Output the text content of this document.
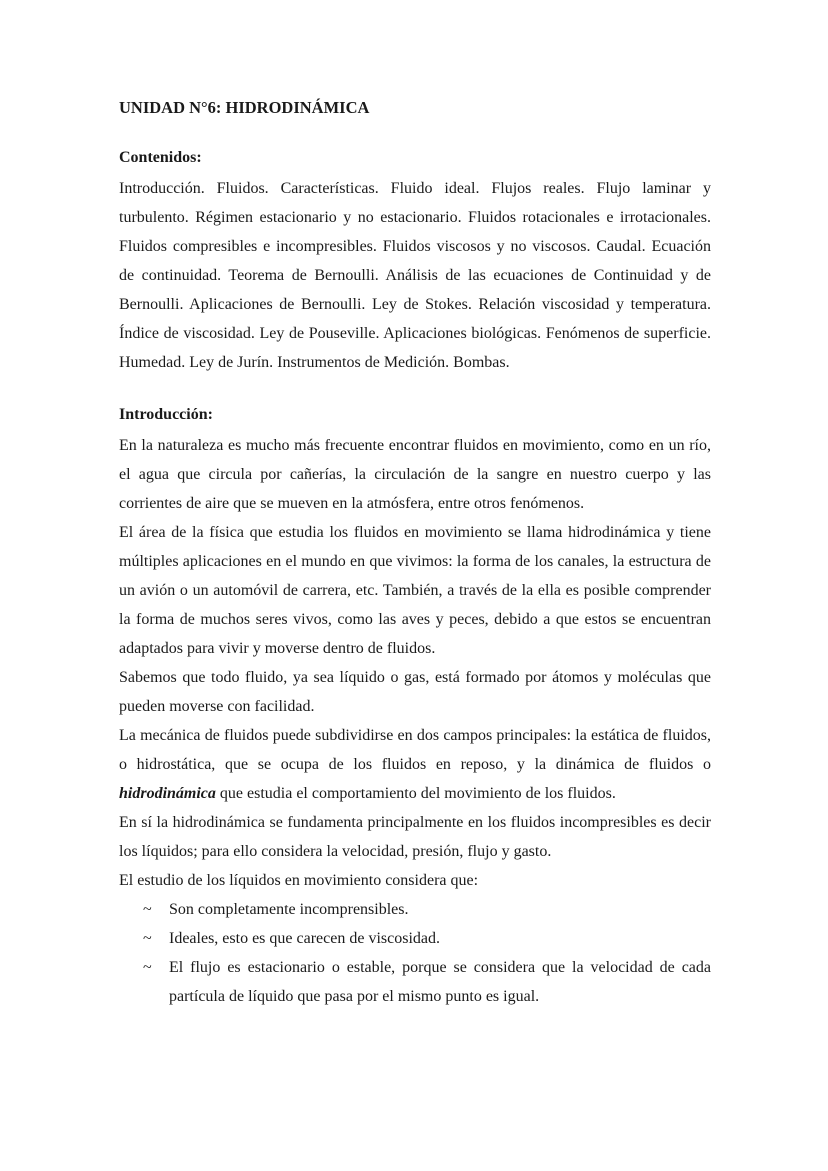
UNIDAD N°6: HIDRODINÁMICA
Contenidos:

Introducción. Fluidos. Características. Fluido ideal. Flujos reales. Flujo laminar y turbulento. Régimen estacionario y no estacionario. Fluidos rotacionales e irrotacionales. Fluidos compresibles e incompresibles. Fluidos viscosos y no viscosos. Caudal. Ecuación de continuidad. Teorema de Bernoulli. Análisis de las ecuaciones de Continuidad y de Bernoulli. Aplicaciones de Bernoulli. Ley de Stokes. Relación viscosidad y temperatura. Índice de viscosidad. Ley de Pouseville. Aplicaciones biológicas. Fenómenos de superficie. Humedad. Ley de Jurín. Instrumentos de Medición. Bombas.

Introducción:

En la naturaleza es mucho más frecuente encontrar fluidos en movimiento, como en un río, el agua que circula por cañerías, la circulación de la sangre en nuestro cuerpo y las corrientes de aire que se mueven en la atmósfera, entre otros fenómenos.

El área de la física que estudia los fluidos en movimiento se llama hidrodinámica y tiene múltiples aplicaciones en el mundo en que vivimos: la forma de los canales, la estructura de un avión o un automóvil de carrera, etc. También, a través de la ella es posible comprender la forma de muchos seres vivos, como las aves y peces, debido a que estos se encuentran adaptados para vivir y moverse dentro de fluidos.

Sabemos que todo fluido, ya sea líquido o gas, está formado por átomos y moléculas que pueden moverse con facilidad.

La mecánica de fluidos puede subdividirse en dos campos principales: la estática de fluidos, o hidrostática, que se ocupa de los fluidos en reposo, y la dinámica de fluidos o hidrodinámica que estudia el comportamiento del movimiento de los fluidos.

En sí la hidrodinámica se fundamenta principalmente en los fluidos incompresibles es decir los líquidos; para ello considera la velocidad, presión, flujo y gasto.

El estudio de los líquidos en movimiento considera que:

~ Son completamente incomprensibles.
~ Ideales, esto es que carecen de viscosidad.
~ El flujo es estacionario o estable, porque se considera que la velocidad de cada partícula de líquido que pasa por el mismo punto es igual.
